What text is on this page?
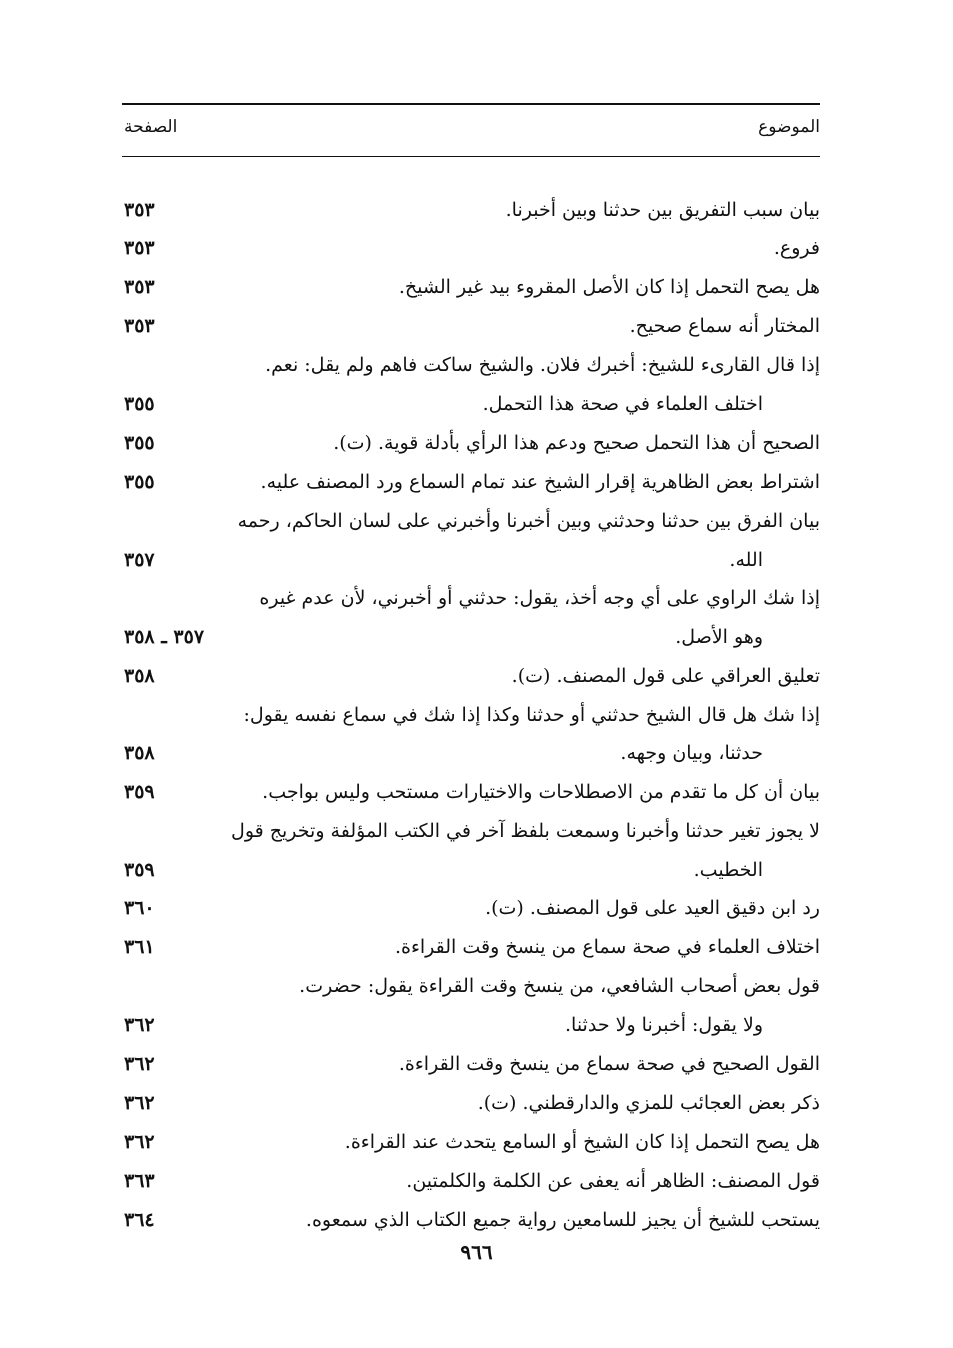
الموضوع
الصفحة
بيان سبب التفريق بين حدثنا وبين أخبرنا.
٣٥٣
فروع.
٣٥٣
هل يصح التحمل إذا كان الأصل المقروء بيد غير الشيخ.
٣٥٣
المختار أنه سماع صحيح.
٣٥٣
إذا قال القارىء للشيخ: أخبرك فلان. والشيخ ساكت فاهم ولم يقل: نعم.
اختلف العلماء في صحة هذا التحمل.
٣٥٥
الصحيح أن هذا التحمل صحيح ودعم هذا الرأي بأدلة قوية. (ت).
٣٥٥
اشتراط بعض الظاهرية إقرار الشيخ عند تمام السماع ورد المصنف عليه.
٣٥٥
بيان الفرق بين حدثنا وحدثني وبين أخبرنا وأخبرني على لسان الحاكم، رحمه
الله.
٣٥٧
إذا شك الراوي على أي وجه أخذ، يقول: حدثني أو أخبرني، لأن عدم غيره
وهو الأصل.
٣٥٧ ـ ٣٥٨
تعليق العراقي على قول المصنف. (ت).
٣٥٨
إذا شك هل قال الشيخ حدثني أو حدثنا وكذا إذا شك في سماع نفسه يقول:
حدثنا، وبيان وجهه.
٣٥٨
بيان أن كل ما تقدم من الاصطلاحات والاختيارات مستحب وليس بواجب.
٣٥٩
لا يجوز تغير حدثنا وأخبرنا وسمعت بلفظ آخر في الكتب المؤلفة وتخريج قول
الخطيب.
٣٥٩
رد ابن دقيق العيد على قول المصنف. (ت).
٣٦٠
اختلاف العلماء في صحة سماع من ينسخ وقت القراءة.
٣٦١
قول بعض أصحاب الشافعي، من ينسخ وقت القراءة يقول: حضرت.
ولا يقول: أخبرنا ولا حدثنا.
٣٦٢
القول الصحيح في صحة سماع من ينسخ وقت القراءة.
٣٦٢
ذكر بعض العجائب للمزي والدارقطني. (ت).
٣٦٢
هل يصح التحمل إذا كان الشيخ أو السامع يتحدث عند القراءة.
٣٦٢
قول المصنف: الظاهر أنه يعفى عن الكلمة والكلمتين.
٣٦٣
يستحب للشيخ أن يجيز للسامعين رواية جميع الكتاب الذي سمعوه.
٣٦٤
٩٦٦
